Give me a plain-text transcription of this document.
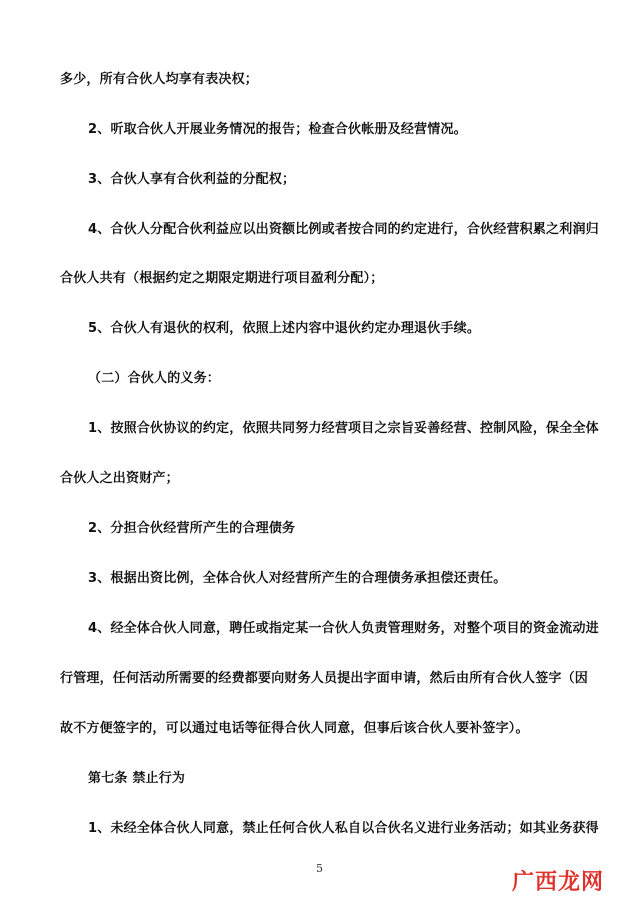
多少，所有合伙人均享有表决权；
2、听取合伙人开展业务情况的报告；检查合伙帐册及经营情况。
3、合伙人享有合伙利益的分配权；
4、合伙人分配合伙利益应以出资额比例或者按合同的约定进行，合伙经营积累之利润归
合伙人共有（根据约定之期限定期进行项目盈利分配）；
5、合伙人有退伙的权利，依照上述内容中退伙约定办理退伙手续。
（二）合伙人的义务：
1、按照合伙协议的约定，依照共同努力经营项目之宗旨妥善经营、控制风险，保全全体
合伙人之出资财产；
2、分担合伙经营所产生的合理债务
3、根据出资比例，全体合伙人对经营所产生的合理债务承担偿还责任。
4、经全体合伙人同意，聘任或指定某一合伙人负责管理财务，对整个项目的资金流动进
行管理，任何活动所需要的经费都要向财务人员提出字面申请，然后由所有合伙人签字（因
故不方便签字的，可以通过电话等征得合伙人同意，但事后该合伙人要补签字）。
第七条 禁止行为
1、未经全体合伙人同意，禁止任何合伙人私自以合伙名义进行业务活动；如其业务获得
5
广西龙网
